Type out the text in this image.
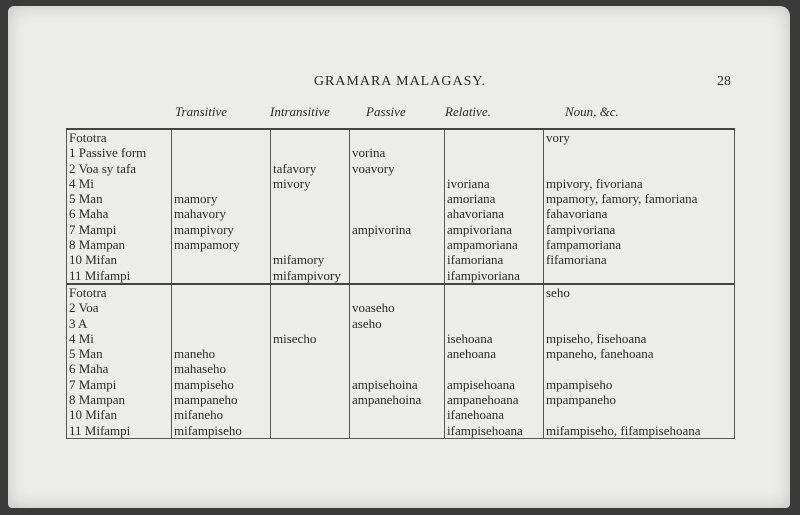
GRAMARA MALAGASY.	28
Transitive	Intransitive	Passive	Relative.	Noun, &c.
Fototra					vory
1 Passive form			vorina		
2 Voa sy tafa		tafavory	voavory		
4 Mi		mivory		ivoriana	mpivory, fivoriana
5 Man	mamory			amoriana	mpamory, famory, famoriana
6 Maha	mahavory			ahavoriana	fahavoriana
7 Mampi	mampivory		ampivorina	ampivoriana	fampivoriana
8 Mampan	mampamory			ampamoriana	fampamoriana
10 Mifan		mifamory		ifamoriana	fifamoriana
11 Mifampi		mifampivory		ifampivoriana	
Fototra					seho
2 Voa			voaseho		
3 A			aseho		
4 Mi		misecho		isehoana	mpiseho, fisehoana
5 Man	maneho			anehoana	mpaneho, fanehoana
6 Maha	mahaseho				
7 Mampi	mampiseho		ampisehoina	ampisehoana	mpampiseho
8 Mampan	mampaneho		ampanehoina	ampanehoana	mpampaneho
10 Mifan	mifaneho			ifanehoana	
11 Mifampi	mifampiseho			ifampisehoana	mifampiseho, fifampisehoana
